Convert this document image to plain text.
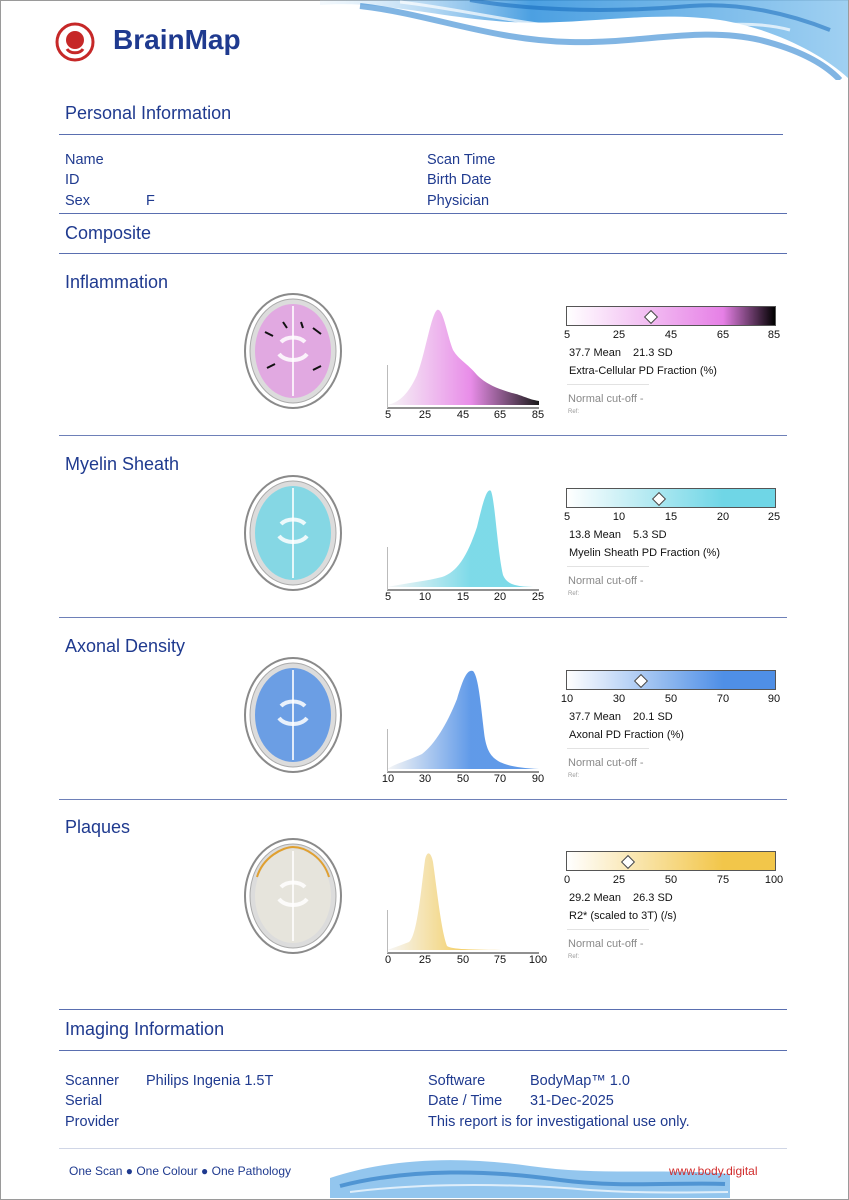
BrainMap
Personal Information
Name
ID
Sex	F
Scan Time
Birth Date
Physician
Composite
Inflammation
5	25 45 65 85
5	25	45	65	85
37.7 Mean 21.3 SD
Extra-Cellular PD Fraction (%)
Normal cut-off -
Ref:
Myelin Sheath
5	10 15 20 25
5	10	15	20	25
13.8 Mean 5.3 SD
Myelin Sheath PD Fraction (%)
Normal cut-off -
Ref:
Axonal Density
10 30 50 70 90
10	30	50	70	90
37.7 Mean 20.1 SD
Axonal PD Fraction (%)
Normal cut-off -
Ref:
Plaques
0	25 50 75 100
0	25	50	75	100
29.2 Mean 26.3 SD
R2* (scaled to 3T) (/s)
Normal cut-off -
Ref:
Imaging Information
Scanner Philips Ingenia 1.5T
Serial
Provider
Software	BodyMap™ 1.0
Date / Time 31-Dec-2025
This report is for investigational use only.
One Scan ● One Colour ● One Pathology	www.body.digital
